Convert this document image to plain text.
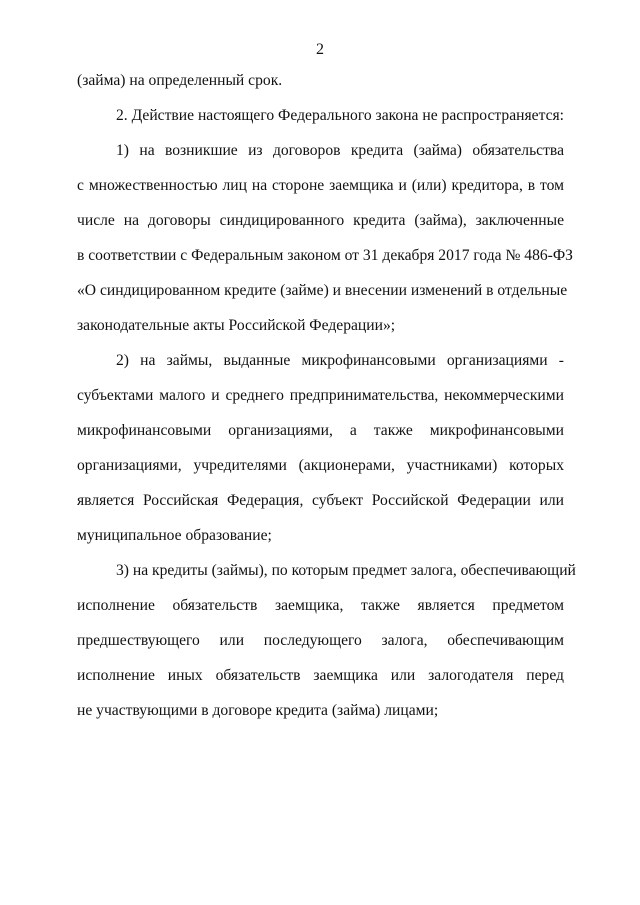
2
(займа) на определенный срок.
2. Действие настоящего Федерального закона не распространяется:
1) на возникшие из договоров кредита (займа) обязательства
с множественностью лиц на стороне заемщика и (или) кредитора, в том
числе на договоры синдицированного кредита (займа), заключенные
в соответствии с Федеральным законом от 31 декабря 2017 года № 486-ФЗ
«О синдицированном кредите (займе) и внесении изменений в отдельные
законодательные акты Российской Федерации»;
2) на займы, выданные микрофинансовыми организациями -
субъектами малого и среднего предпринимательства, некоммерческими
микрофинансовыми организациями, а также микрофинансовыми
организациями, учредителями (акционерами, участниками) которых
является Российская Федерация, субъект Российской Федерации или
муниципальное образование;
3) на кредиты (займы), по которым предмет залога, обеспечивающий
исполнение обязательств заемщика, также является предметом
предшествующего или последующего залога, обеспечивающим
исполнение иных обязательств заемщика или залогодателя перед
не участвующими в договоре кредита (займа) лицами;
